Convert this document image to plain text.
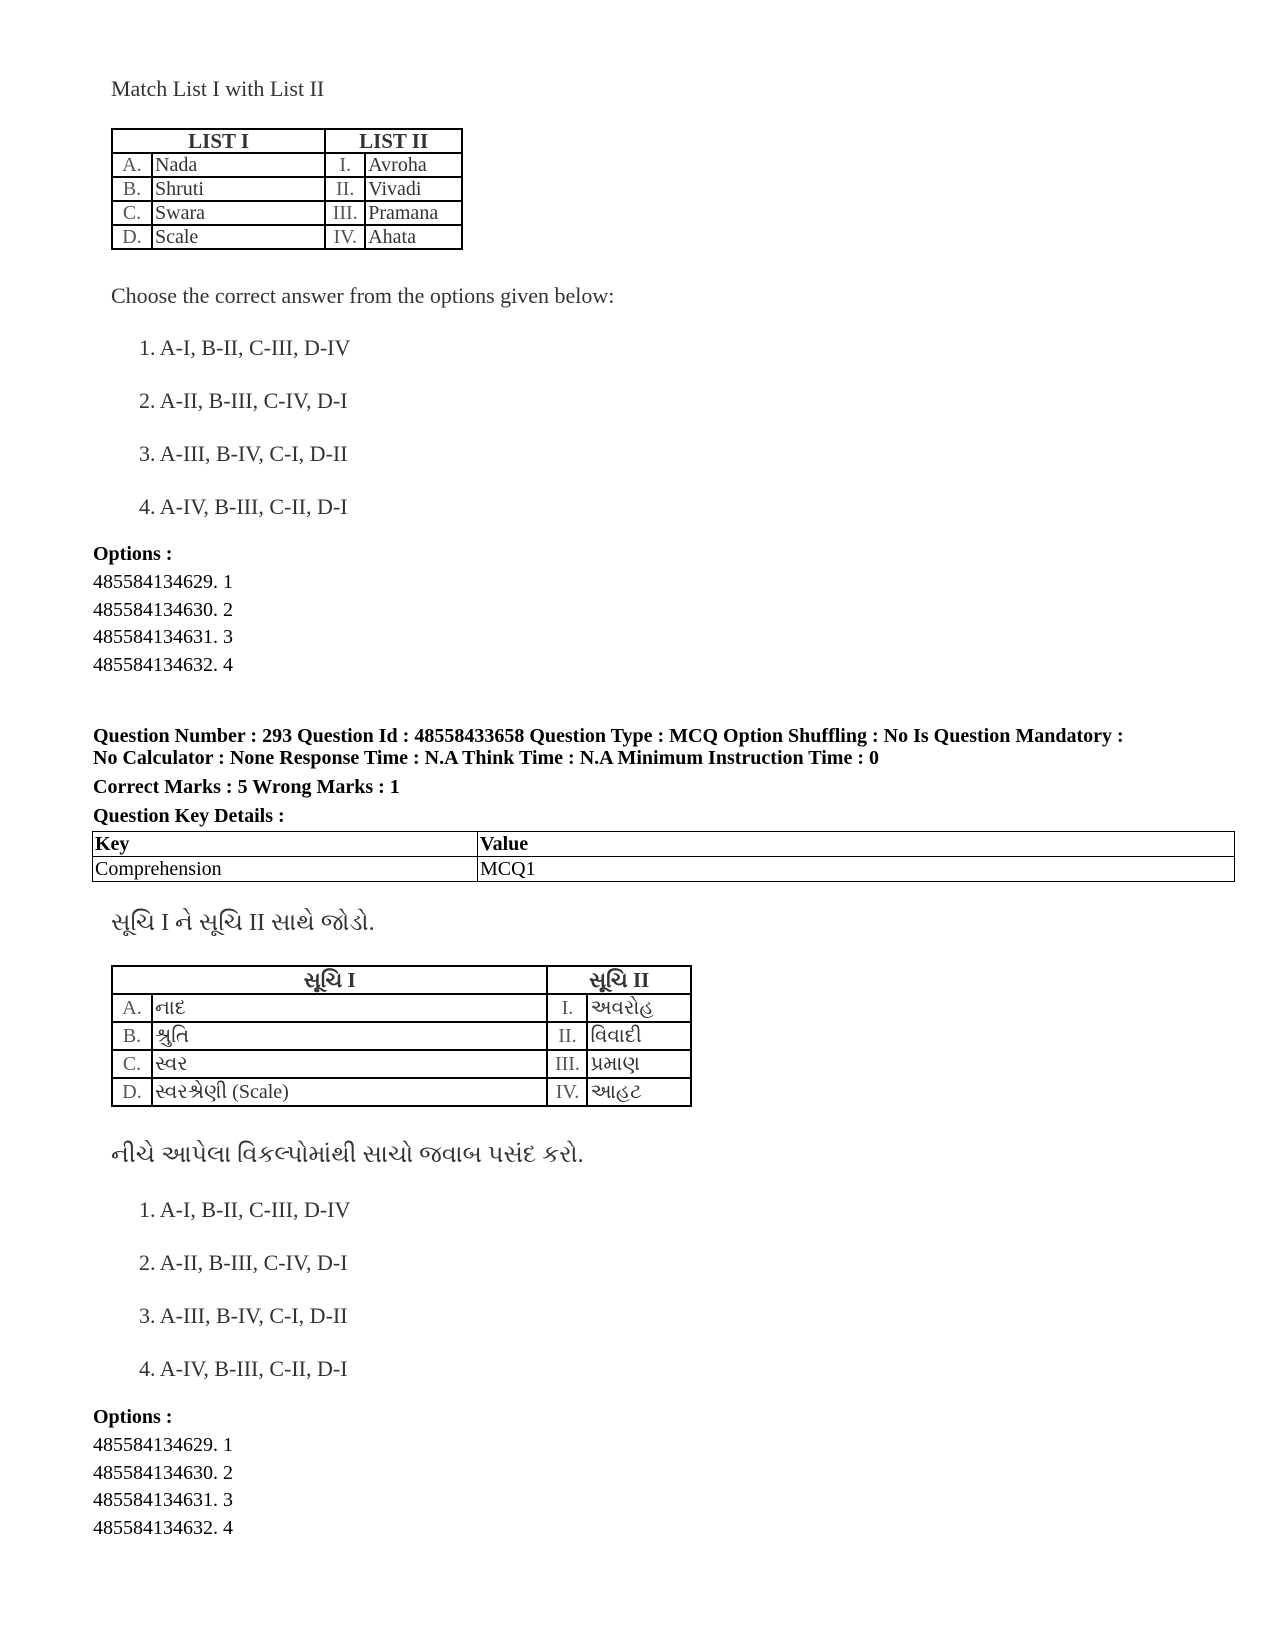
Match List I with List II
LIST I		LIST II	
A.	Nada	I.	Avroha
B.	Shruti	II.	Vivadi
C.	Swara	III.	Pramana
D.	Scale	IV.	Ahata
Choose the correct answer from the options given below:
1. A-I, B-II, C-III, D-IV
2. A-II, B-III, C-IV, D-I
3. A-III, B-IV, C-I, D-II
4. A-IV, B-III, C-II, D-I
Options :
485584134629. 1
485584134630. 2
485584134631. 3
485584134632. 4
Question Number : 293 Question Id : 48558433658 Question Type : MCQ Option Shuffling : No Is Question Mandatory :
No Calculator : None Response Time : N.A Think Time : N.A Minimum Instruction Time : 0
Correct Marks : 5 Wrong Marks : 1
Question Key Details :
Key	Value
Comprehension	MCQ1
સૂચિ I ને સૂચિ II સાથે જોડો.
સૂચિ I		સૂચિ II	
A.	નાદ	I.	અવરોહ
B.	શ્રુતિ	II.	વિવાદી
C.	સ્વર	III.	પ્રમાણ
D.	સ્વરશ્રેણી (Scale)	IV.	આહટ
નીચે આપેલા વિકલ્પોમાંથી સાચો જવાબ પસંદ કરો.
1. A-I, B-II, C-III, D-IV
2. A-II, B-III, C-IV, D-I
3. A-III, B-IV, C-I, D-II
4. A-IV, B-III, C-II, D-I
Options :
485584134629. 1
485584134630. 2
485584134631. 3
485584134632. 4
